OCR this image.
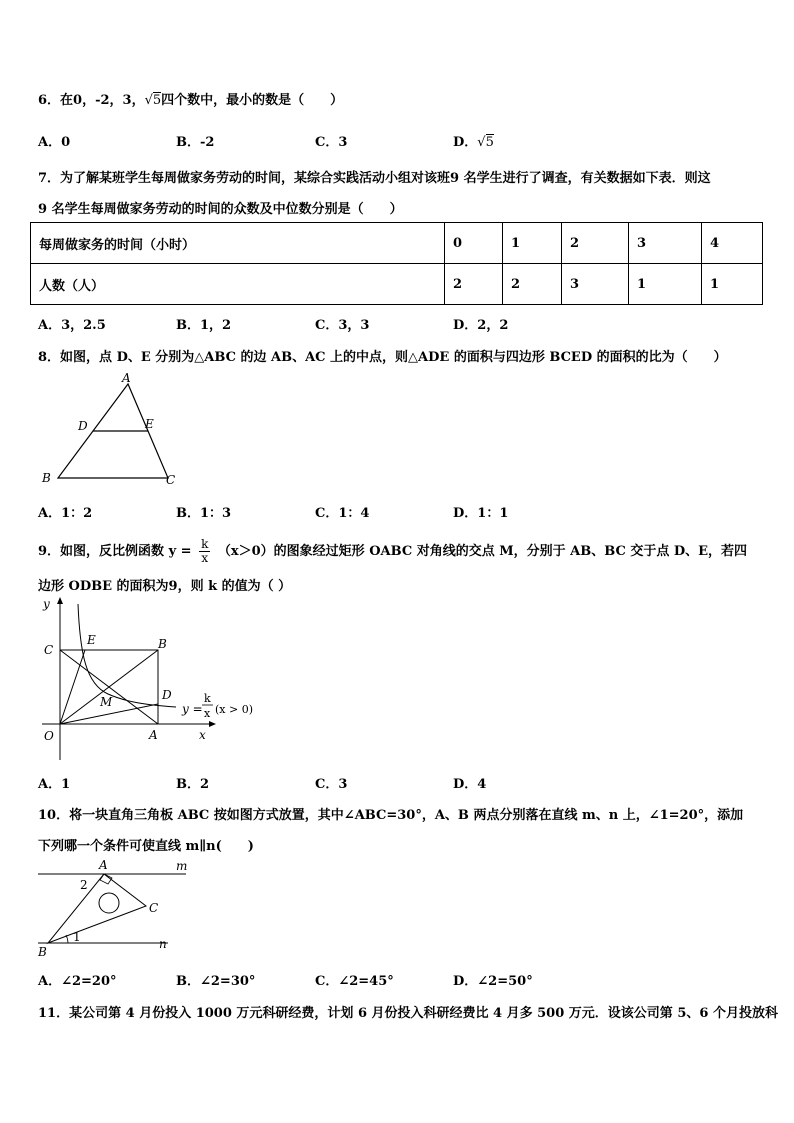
6．在0，-2，3，√5四个数中，最小的数是（　　）
A．0	B．-2	C．3	D．√5
7．为了解某班学生每周做家务劳动的时间，某综合实践活动小组对该班9 名学生进行了调查，有关数据如下表．则这
9 名学生每周做家务劳动的时间的众数及中位数分别是（　　）
每周做家务的时间（小时）	0	1	2	3	4
人数（人）	2	2	3	1	1
A．3，2.5	B．1，2	C．3，3	D．2，2
8．如图，点 D、E 分别为△ABC 的边 AB、AC 上的中点，则△ADE 的面积与四边形 BCED 的面积的比为（　　）
A
D	E
B	C
A．1：2	B．1：3	C．1：4	D．1：1
9．如图，反比例函数 $y = \frac{k}{x} (x>0)$的图象经过矩形 OABC 对角线的交点 M，分别于 AB、BC 交于点 D、E，若四
边形 ODBE 的面积为9，则 k 的值为（ ）
y
x
C
E	B
D
M
O	A
y =
k
x (x > 0)
A．1	B．2	C．3	D．4
10．将一块直角三角板 ABC 按如图方式放置，其中∠ABC=30°，A、B 两点分别落在直线 m、n 上，∠1=20°，添加
下列哪一个条件可使直线 m∥n(　　)
A	m
2
C
1
B
n
A．∠2=20°	B．∠2=30°	C．∠2=45°	D．∠2=50°
11．某公司第 4 月份投入 1000 万元科研经费，计划 6 月份投入科研经费比 4 月多 500 万元．设该公司第 5、6 个月投放科
